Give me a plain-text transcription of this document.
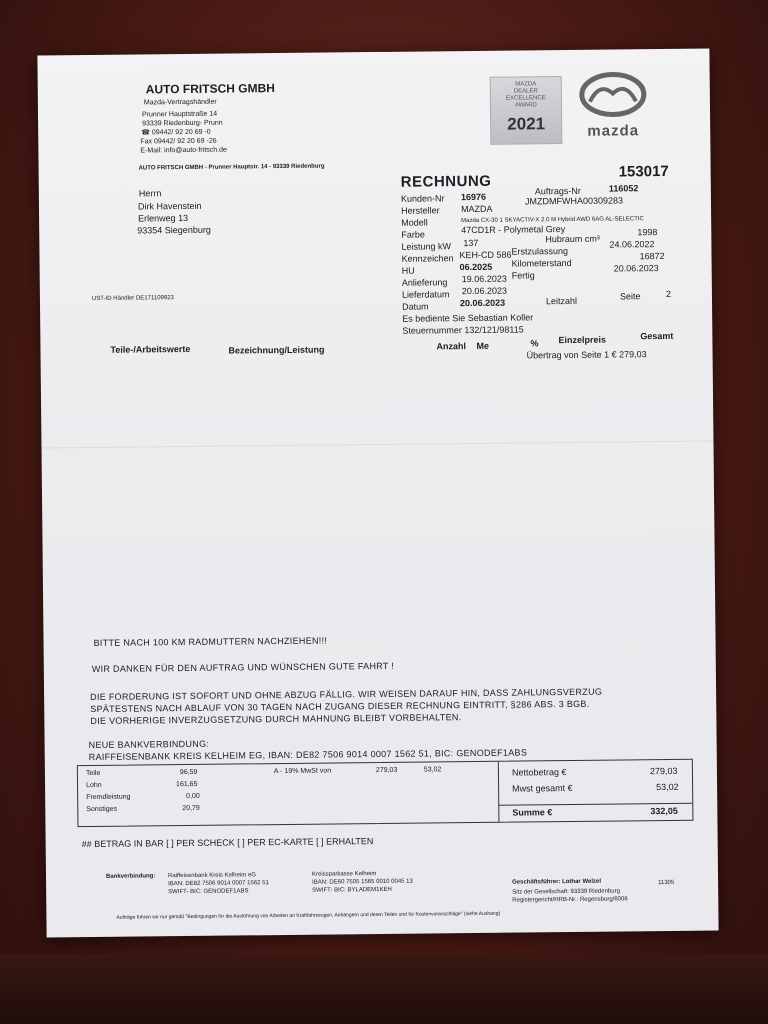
AUTO FRITSCH GMBH
Mazda-Vertragshändler
Prunner Hauptstraße 14
93339 Riedenburg- Prunn
☎ 09442/ 92 20 69 -0
Fax 09442/ 92 20 69 -26
E-Mail: info@auto-fritsch.de
AUTO FRITSCH GMBH - Prunner Hauptstr. 14 - 93339 Riedenburg
MAZDA
DEALER
EXCELLENCE
AWARD
2021	mazda
Herrn
Dirk Havenstein
Erlenweg 13
93354 Siegenburg
UST-ID Händler DE171109923
RECHNUNG
153017
Kunden-Nr 16976
Auftrags-Nr	116052
Hersteller MAZDA
JMZDMFWHA00309283
Modell	Mazda CX-30 1 SKYACTIV-X 2.0 M Hybrid AWD 6AG AL-SELECTIC
Farbe	47CD1R - Polymetal Grey
Hubraum cm³
1998
Leistung kW 137
Erstzulassung
24.06.2022
Kennzeichen KEH-CD 586
Kilometerstand
16872
HU	06.2025
Fertig
20.06.2023
Anlieferung 19.06.2023
Lieferdatum 20.06.2023
Datum	20.06.2023	Leitzahl	Seite	2
Es bediente Sie Sebastian Koller
Steuernummer 132/121/98115
Teile-/Arbeitswerte	Bezeichnung/Leistung	Anzahl Me	% Einzelpreis	Gesamt
Übertrag von Seite 1 € 279,03
BITTE NACH 100 KM RADMUTTERN NACHZIEHEN!!!
WIR DANKEN FÜR DEN AUFTRAG UND WÜNSCHEN GUTE FAHRT !
DIE FORDERUNG IST SOFORT UND OHNE ABZUG FÄLLIG. WIR WEISEN DARAUF HIN, DASS ZAHLUNGSVERZUG
SPÄTESTENS NACH ABLAUF VON 30 TAGEN NACH ZUGANG DIESER RECHNUNG EINTRITT, §286 ABS. 3 BGB.
DIE VORHERIGE INVERZUGSETZUNG DURCH MAHNUNG BLEIBT VORBEHALTEN.
NEUE BANKVERBINDUNG:
RAIFFEISENBANK KREIS KELHEIM EG, IBAN: DE82 7506 9014 0007 1562 51, BIC: GENODEF1ABS
Teile	96,59
Lohn	161,65
Fremdleistung	0,00
Sonstiges	20,79
A - 19% MwSt von	279,03	53,02	Nettobetrag €	279,03
Mwst gesamt €	53,02
Summe €	332,05
## BETRAG IN BAR [ ] PER SCHECK [ ] PER EC-KARTE [ ] ERHALTEN
Bankverbindung: Raiffeisenbank Kreis Kelheim eG
IBAN: DE82 7506 9014 0007 1562 51
SWIFT- BIC: GENODEF1ABS
Kreissparkasse Kelheim
IBAN: DE60 7505 1565 0010 0045 13
SWIFT- BIC: BYLADEM1KEH
Geschäftsführer: Lothar Welzel
Sitz der Gesellschaft: 93339 Riedenburg
Registergericht/HRB-Nr.: Regensburg/6006
11305
Aufträge führen wir nur gemäß "Bedingungen für die Ausführung von Arbeiten an Kraftfahrzeugen, Anhängern und deren Teilen und für Kostenvoranschläge" (siehe Aushang)
